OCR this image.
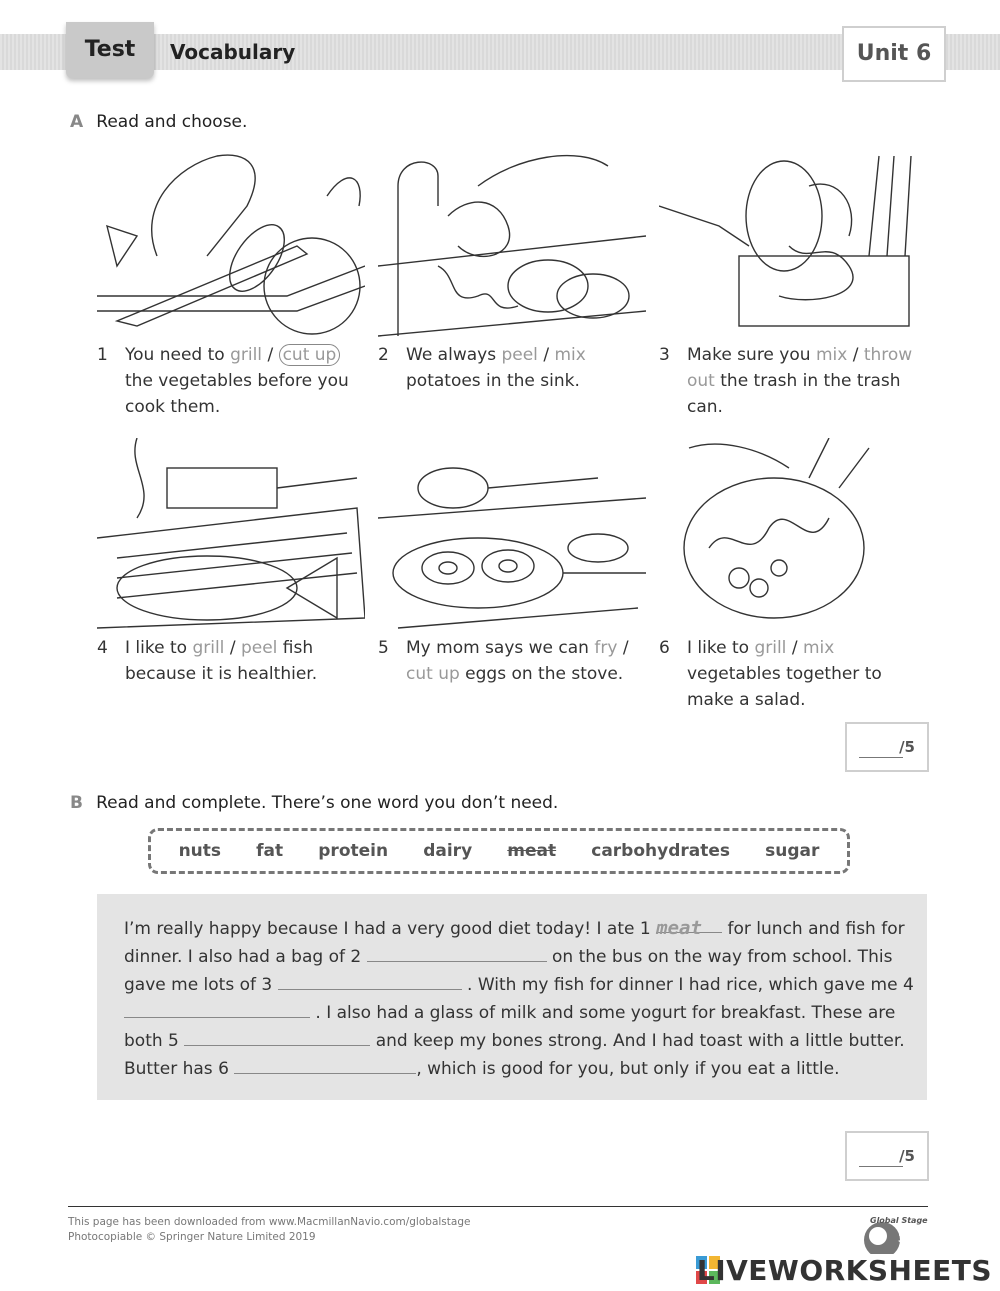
Test	Vocabulary	Unit 6
A Read and choose.
1 You need to grill / cut up the vegetables before you cook them.
2 We always peel / mix potatoes in the sink.
3 Make sure you mix / throw out the trash in the trash can.
4 I like to grill / peel fish because it is healthier.
5 My mom says we can fry / cut up eggs on the stove.
6 I like to grill / mix vegetables together to make a salad.
/5
B Read and complete. There’s one word you don’t need.
nuts fat protein dairy meat carbohydrates sugar

I’m really happy because I had a very good diet today! I ate 1 meat for lunch and fish for dinner. I also had a bag of 2	on the bus on the way from school. This gave me lots of 3	. With my fish for dinner I had rice, which gave me 4  . I also had a glass of milk and some yogurt for breakfast. These are both 5	and keep my bones strong. And I had toast with a little butter. Butter has 6	, which is good for you, but only if you eat a little.

/5
This page has been downloaded from www.MacmillanNavio.com/globalstage
Photocopiable © Springer Nature Limited 2019
Global Stage
3
LIVEWORKSHEETS
